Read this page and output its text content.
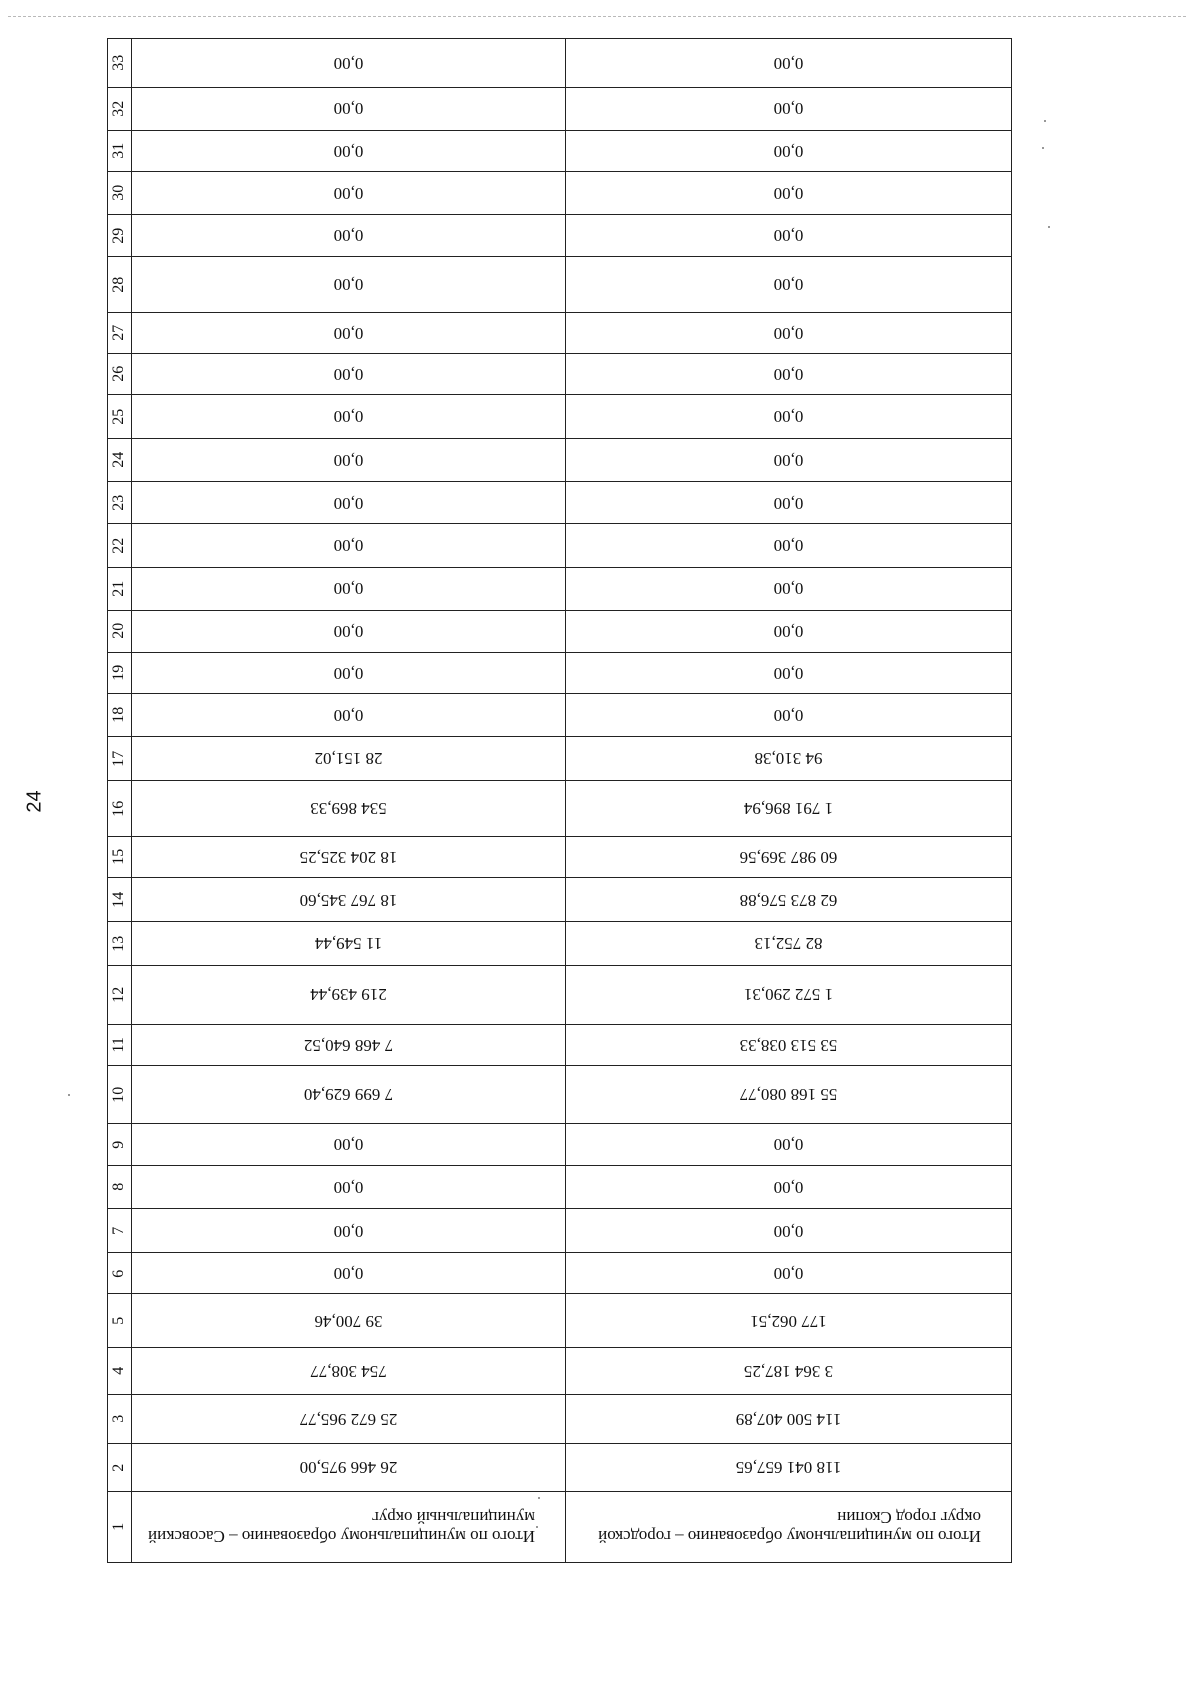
24
Итого по муниципальному образованию – городской округ город Скопин	Итого по муниципальному образованию – Сасовский муниципальный округ	1
118 041 657,65	26 466 975,00	2
114 500 407,89	25 672 965,77	3
3 364 187,25	754 308,77	4
177 062,51	39 700,46	5
0,00	0,00	6
0,00	0,00	7
0,00	0,00	8
0,00	0,00	9
55 168 080,77	7 699 629,40	10
53 513 038,33	7 468 640,52	11
1 572 290,31	219 439,44	12
82 752,13	11 549,44	13
62 873 576,88	18 767 345,60	14
60 987 369,56	18 204 325,25	15
1 791 896,94	534 869,33	16
94 310,38	28 151,02	17
0,00	0,00	18
0,00	0,00	19
0,00	0,00	20
0,00	0,00	21
0,00	0,00	22
0,00	0,00	23
0,00	0,00	24
0,00	0,00	25
0,00	0,00	26
0,00	0,00	27
0,00	0,00	28
0,00	0,00	29
0,00	0,00	30
0,00	0,00	31
0,00	0,00	32
0,00	0,00	33
